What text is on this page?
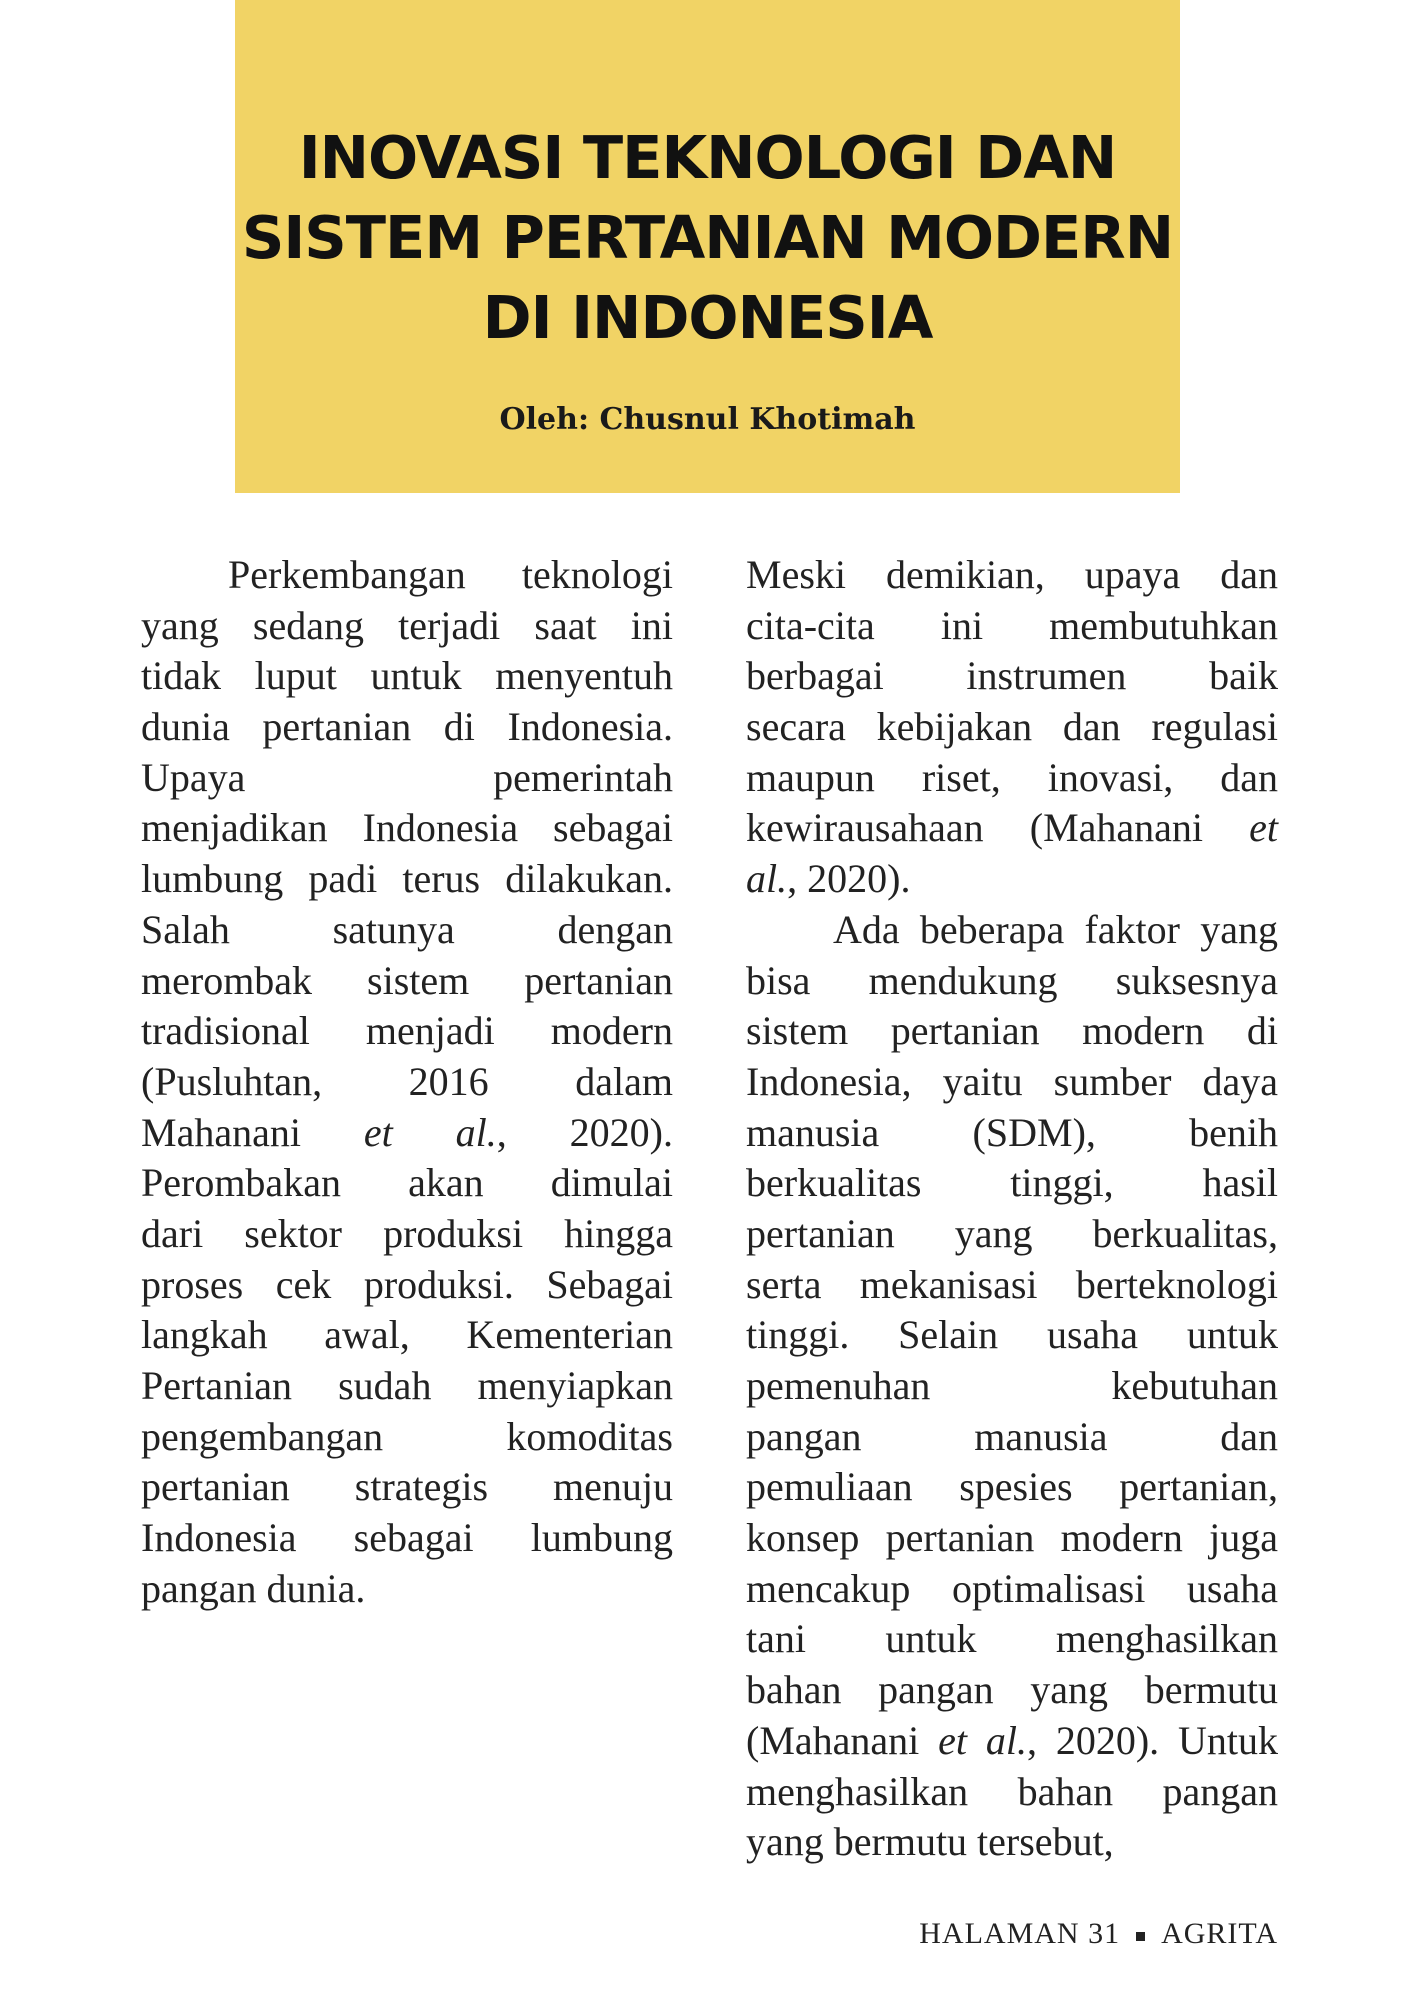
INOVASI TEKNOLOGI DAN
SISTEM PERTANIAN MODERN
DI INDONESIA

Oleh: Chusnul Khotimah

Perkembangan teknologi
yang sedang terjadi saat ini
tidak luput untuk menyentuh
dunia pertanian di Indonesia.
Upaya pemerintah
menjadikan Indonesia sebagai
lumbung padi terus dilakukan.
Salah satunya dengan
merombak sistem pertanian
tradisional menjadi modern
(Pusluhtan, 2016 dalam
Mahanani et al., 2020).
Perombakan akan dimulai
dari sektor produksi hingga
proses cek produksi. Sebagai
langkah awal, Kementerian
Pertanian sudah menyiapkan
pengembangan komoditas
pertanian strategis menuju
Indonesia sebagai lumbung
pangan dunia.

Meski demikian, upaya dan
cita-cita ini membutuhkan
berbagai instrumen baik
secara kebijakan dan regulasi
maupun riset, inovasi, dan
kewirausahaan (Mahanani et
al., 2020).

Ada beberapa faktor yang
bisa mendukung suksesnya
sistem pertanian modern di
Indonesia, yaitu sumber daya
manusia (SDM), benih
berkualitas tinggi, hasil
pertanian yang berkualitas,
serta mekanisasi berteknologi
tinggi. Selain usaha untuk
pemenuhan kebutuhan
pangan manusia dan
pemuliaan spesies pertanian,
konsep pertanian modern juga
mencakup optimalisasi usaha
tani untuk menghasilkan
bahan pangan yang bermutu
(Mahanani et al., 2020). Untuk
menghasilkan bahan pangan
yang bermutu tersebut,

HALAMAN 31 AGRITA
